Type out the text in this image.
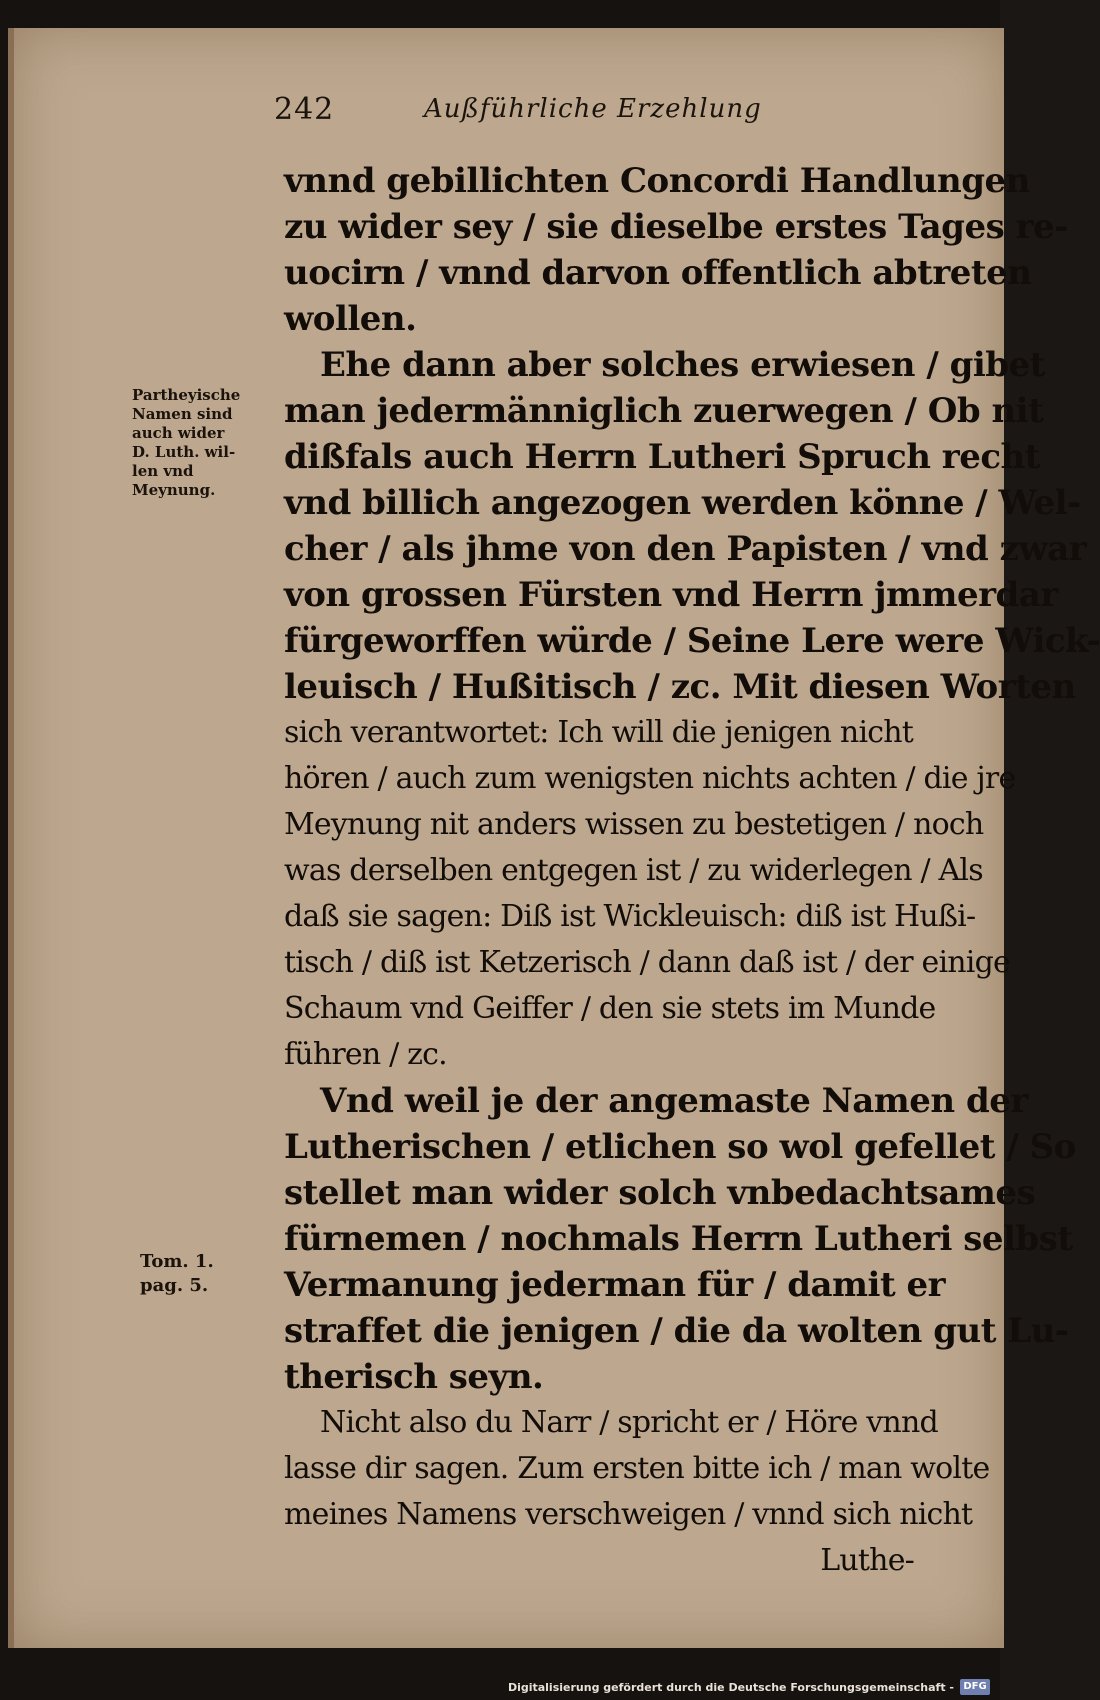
242	Außführliche Erzehlung
Partheyische
Namen sind
auch wider
D. Luth. wil-
len vnd
Meynung.
Tom. 1.
pag. 5.
vnnd gebillichten Concordi Handlungen
zu wider sey / sie dieselbe erstes Tages re-
uocirn / vnnd darvon offentlich abtreten
wollen.
Ehe dann aber solches erwiesen / gibet
man jedermänniglich zuerwegen / Ob nit
dißfals auch Herrn Lutheri Spruch recht
vnd billich angezogen werden könne / Wel-
cher / als jhme von den Papisten / vnd zwar
von grossen Fürsten vnd Herrn jmmerdar
fürgeworffen würde / Seine Lere were Wick-
leuisch / Hußitisch / zc. Mit diesen Worten
sich verantwortet: Ich will die jenigen nicht
hören / auch zum wenigsten nichts achten / die jre
Meynung nit anders wissen zu bestetigen / noch
was derselben entgegen ist / zu widerlegen / Als
daß sie sagen: Diß ist Wickleuisch: diß ist Hußi-
tisch / diß ist Ketzerisch / dann daß ist / der einige
Schaum vnd Geiffer / den sie stets im Munde
führen / zc.
Vnd weil je der angemaste Namen der
Lutherischen / etlichen so wol gefellet / So
stellet man wider solch vnbedachtsames
fürnemen / nochmals Herrn Lutheri selbst
Vermanung jederman für / damit er
straffet die jenigen / die da wolten gut Lu-
therisch seyn.
Nicht also du Narr / spricht er / Höre vnnd
lasse dir sagen. Zum ersten bitte ich / man wolte
meines Namens verschweigen / vnnd sich nicht
Luthe-
Digitalisierung gefördert durch die Deutsche Forschungsgemeinschaft - DFG
